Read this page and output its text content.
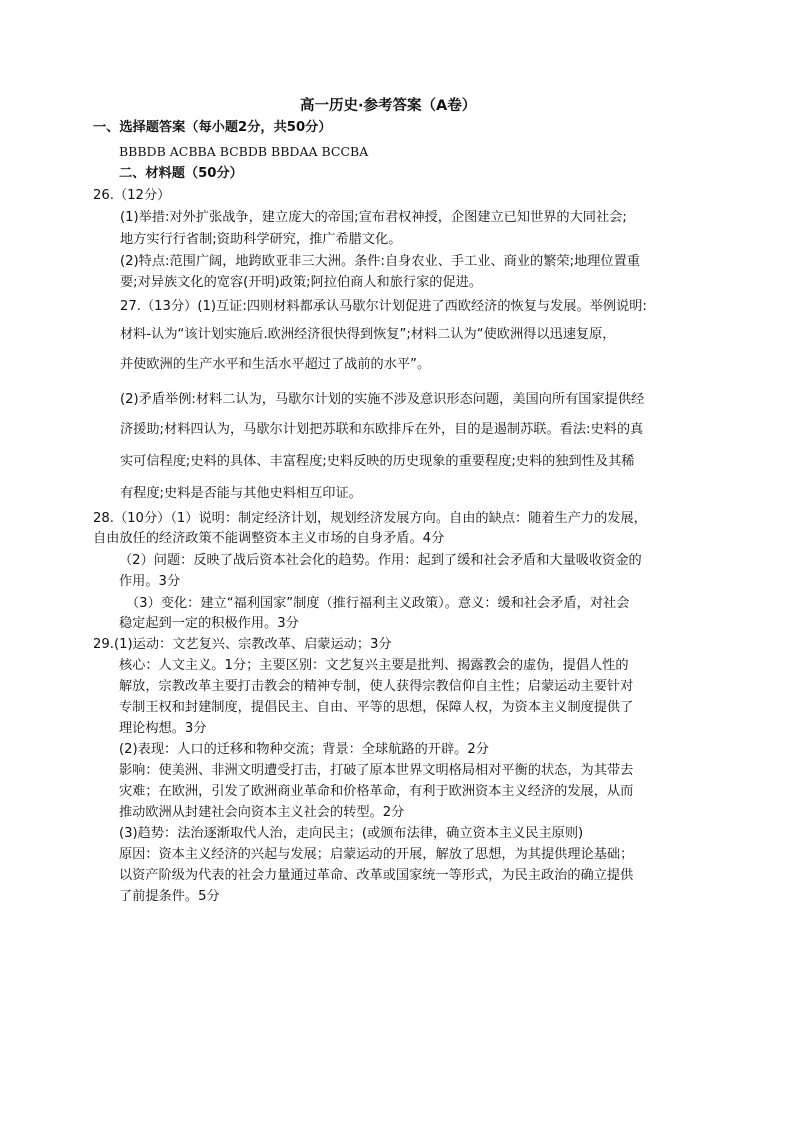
高一历史·参考答案（A卷）
一、选择题答案（每小题2分，共50分）
BBBDB ACBBA BCBDB BBDAA BCCBA
二、材料题（50分）
26.（12分）
(1)举措:对外扩张战争，建立庞大的帝国;宣布君权神授，企图建立已知世界的大同社会;
地方实行行省制;资助科学研究，推广希腊文化。
(2)特点:范围广阔，地跨欧亚非三大洲。条件:自身农业、手工业、商业的繁荣;地理位置重
要;对异族文化的宽容(开明)政策;阿拉伯商人和旅行家的促进。
27.（13分）(1)互证:四则材料都承认马歇尔计划促进了西欧经济的恢复与发展。举例说明:
材料-认为“该计划实施后.欧洲经济很快得到恢复”;材料二认为“使欧洲得以迅速复原，
并使欧洲的生产水平和生活水平超过了战前的水平”。
(2)矛盾举例:材料二认为，马歇尔计划的实施不涉及意识形态问题，美国向所有国家提供经
济援助;材料四认为，马歇尔计划把苏联和东欧排斥在外，目的是遏制苏联。看法:史料的真
实可信程度;史料的具体、丰富程度;史料反映的历史现象的重要程度;史料的独到性及其稀
有程度;史料是否能与其他史料相互印证。
28.（10分）（1）说明：制定经济计划，规划经济发展方向。自由的缺点：随着生产力的发展，
自由放任的经济政策不能调整资本主义市场的自身矛盾。4分
（2）问题：反映了战后资本社会化的趋势。作用：起到了缓和社会矛盾和大量吸收资金的
作用。3分
（3）变化：建立“福利国家”制度（推行福利主义政策）。意义：缓和社会矛盾，对社会
稳定起到一定的积极作用。3分
29.(1)运动：文艺复兴、宗教改革、启蒙运动；3分
核心：人文主义。1分；主要区别：文艺复兴主要是批判、揭露教会的虚伪，提倡人性的
解放，宗教改革主要打击教会的精神专制，使人获得宗教信仰自主性；启蒙运动主要针对
专制王权和封建制度，提倡民主、自由、平等的思想，保障人权，为资本主义制度提供了
理论构想。3分
(2)表现：人口的迁移和物种交流；背景：全球航路的开辟。2分
影响：使美洲、非洲文明遭受打击，打破了原本世界文明格局相对平衡的状态，为其带去
灾难；在欧洲，引发了欧洲商业革命和价格革命，有利于欧洲资本主义经济的发展，从而
推动欧洲从封建社会向资本主义社会的转型。2分
(3)趋势：法治逐渐取代人治，走向民主；(或颁布法律，确立资本主义民主原则)
原因：资本主义经济的兴起与发展；启蒙运动的开展，解放了思想，为其提供理论基础；
以资产阶级为代表的社会力量通过革命、改革或国家统一等形式，为民主政治的确立提供
了前提条件。5分
